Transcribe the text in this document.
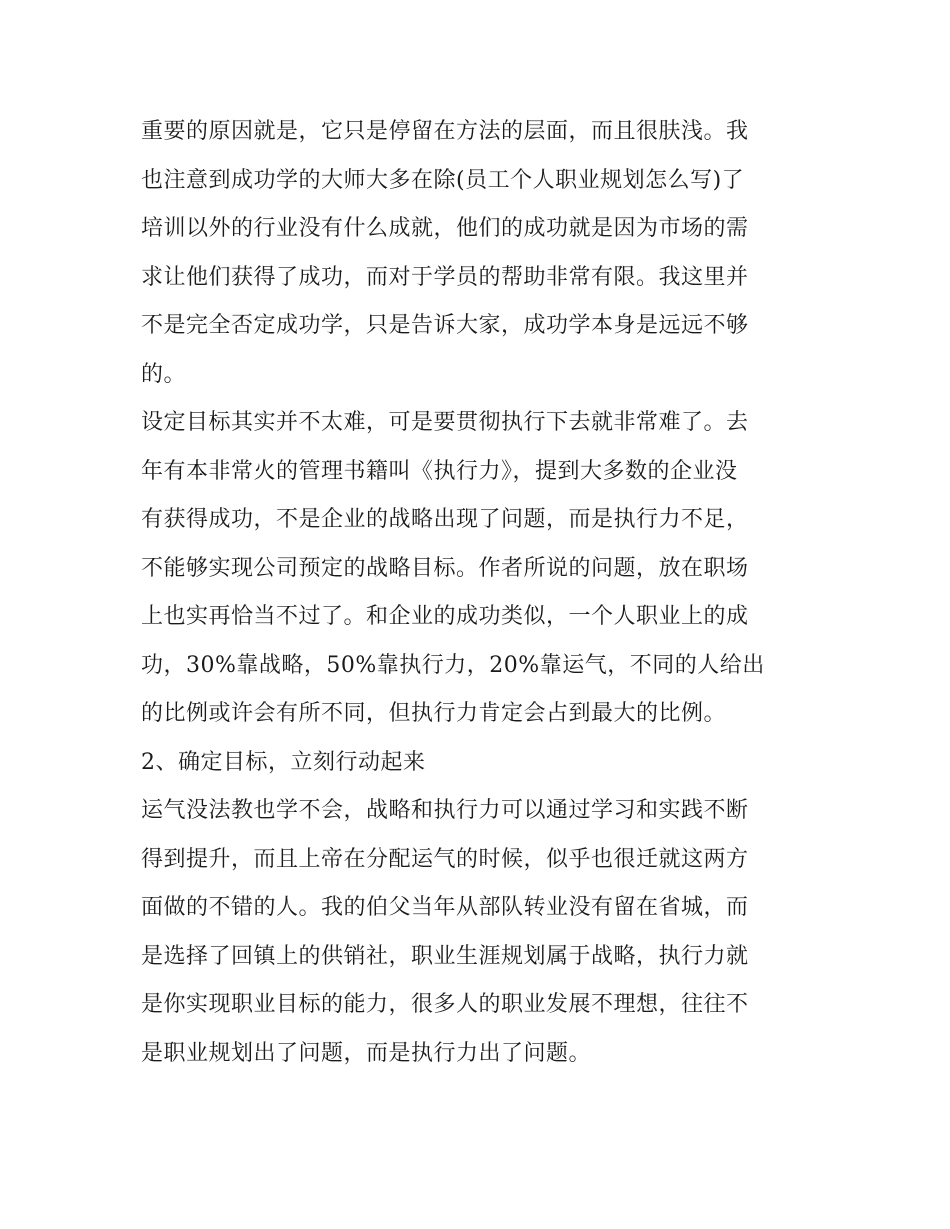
重要的原因就是，它只是停留在方法的层面，而且很肤浅。我
也注意到成功学的大师大多在除(员工个人职业规划怎么写)了
培训以外的行业没有什么成就，他们的成功就是因为市场的需
求让他们获得了成功，而对于学员的帮助非常有限。我这里并
不是完全否定成功学，只是告诉大家，成功学本身是远远不够
的。
设定目标其实并不太难，可是要贯彻执行下去就非常难了。去
年有本非常火的管理书籍叫《执行力》，提到大多数的企业没
有获得成功，不是企业的战略出现了问题，而是执行力不足，
不能够实现公司预定的战略目标。作者所说的问题，放在职场
上也实再恰当不过了。和企业的成功类似，一个人职业上的成
功，30%靠战略，50%靠执行力，20%靠运气，不同的人给出
的比例或许会有所不同，但执行力肯定会占到最大的比例。
2、确定目标，立刻行动起来
运气没法教也学不会，战略和执行力可以通过学习和实践不断
得到提升，而且上帝在分配运气的时候，似乎也很迁就这两方
面做的不错的人。我的伯父当年从部队转业没有留在省城，而
是选择了回镇上的供销社，职业生涯规划属于战略，执行力就
是你实现职业目标的能力，很多人的职业发展不理想，往往不
是职业规划出了问题，而是执行力出了问题。
